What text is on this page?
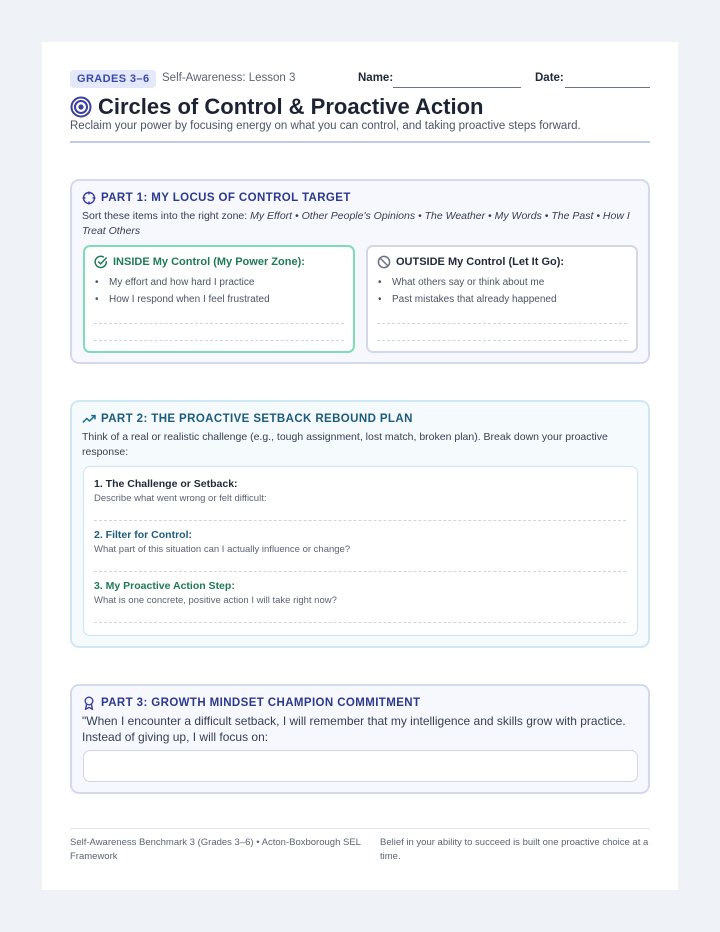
GRADES 3–6	Self-Awareness: Lesson 3	Name:	Date:
Circles of Control & Proactive Action
Reclaim your power by focusing energy on what you can control, and taking proactive steps forward.
PART 1: MY LOCUS OF CONTROL TARGET
Sort these items into the right zone: My Effort • Other People's Opinions • The Weather • My Words • The Past • How I Treat Others
INSIDE My Control (My Power Zone):
• My effort and how hard I practice
• How I respond when I feel frustrated
OUTSIDE My Control (Let It Go):
• What others say or think about me
• Past mistakes that already happened
PART 2: THE PROACTIVE SETBACK REBOUND PLAN
Think of a real or realistic challenge (e.g., tough assignment, lost match, broken plan). Break down your proactive response:
1. The Challenge or Setback:
Describe what went wrong or felt difficult:
2. Filter for Control:
What part of this situation can I actually influence or change?
3. My Proactive Action Step:
What is one concrete, positive action I will take right now?
PART 3: GROWTH MINDSET CHAMPION COMMITMENT
"When I encounter a difficult setback, I will remember that my intelligence and skills grow with practice. Instead of giving up, I will focus on:
Self-Awareness Benchmark 3 (Grades 3–6) • Acton-Boxborough SEL Framework
Belief in your ability to succeed is built one proactive choice at a time.
